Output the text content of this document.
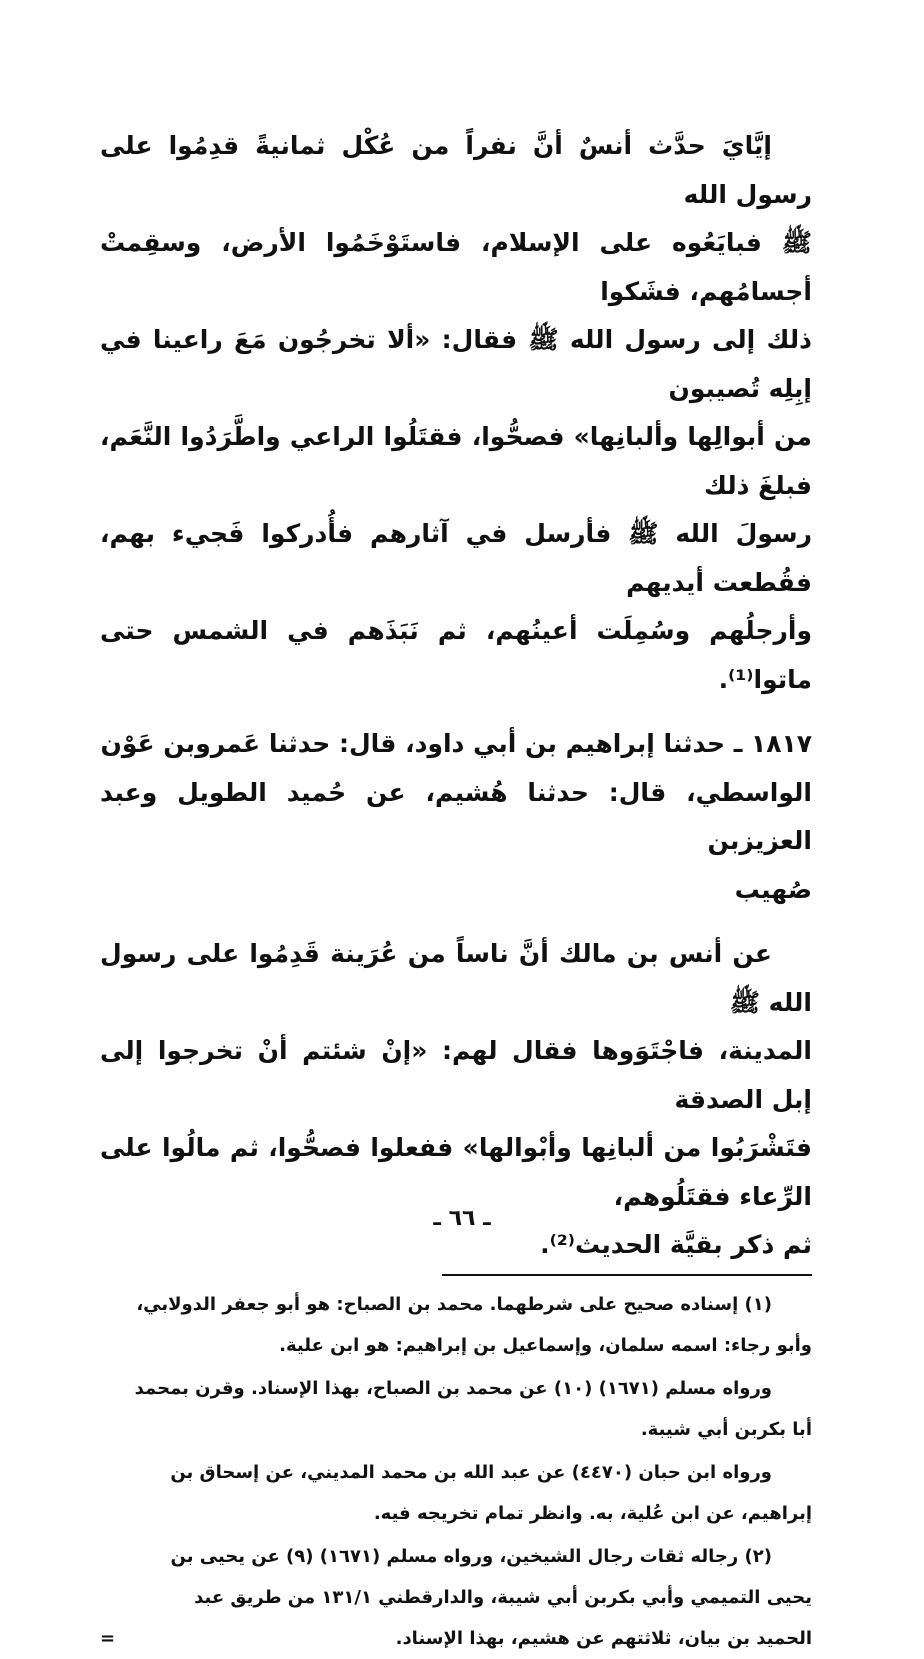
إيَّايَ حدَّث أنسٌ أنَّ نفراً من عُكْل ثمانيةً قدِمُوا على رسول الله

ﷺ فبايَعُوه على الإسلام، فاستَوْخَمُوا الأرض، وسقِمتْ أجسامُهم، فشَكوا

ذلك إلى رسول الله ﷺ فقال: «ألا تخرجُون مَعَ راعينا في إبِلِه تُصيبون

من أبوالِها وألبانِها» فصحُّوا، فقتَلُوا الراعي واطَّرَدُوا النَّعَم، فبلغَ ذلك

رسولَ الله ﷺ فأرسل في آثارهم فأُدركوا فَجيء بهم، فقُطعت أيديهم

وأرجلُهم وسُمِلَت أعينُهم، ثم نَبَذَهم في الشمس حتى ماتوا⁽¹⁾.

١٨١٧ ـ حدثنا إبراهيم بن أبي داود، قال: حدثنا عَمروبن عَوْن

الواسطي، قال: حدثنا هُشيم، عن حُميد الطويل وعبد العزيزبن

صُهيب

عن أنس بن مالك أنَّ ناساً من عُرَينة قَدِمُوا على رسول الله ﷺ

المدينة، فاجْتَوَوها فقال لهم: «إنْ شئتم أنْ تخرجوا إلى إبل الصدقة

فتَشْرَبُوا من ألبانِها وأبْوالها» ففعلوا فصحُّوا، ثم مالُوا على الرِّعاء فقتَلُوهم،

ثم ذكر بقيَّة الحديث⁽²⁾.

(١) إسناده صحيح على شرطهما. محمد بن الصباح: هو أبو جعفر الدولابي،

وأبو رجاء: اسمه سلمان، وإسماعيل بن إبراهيم: هو ابن علية.

ورواه مسلم (١٦٧١) (١٠) عن محمد بن الصباح، بهذا الإسناد. وقرن بمحمد

أبا بكربن أبي شيبة.

ورواه ابن حبان (٤٤٧٠) عن عبد الله بن محمد المديني، عن إسحاق بن

إبراهيم، عن ابن عُلية، به. وانظر تمام تخريجه فيه.

(٢) رجاله ثقات رجال الشيخين، ورواه مسلم (١٦٧١) (٩) عن يحيى بن

يحيى التميمي وأبي بكربن أبي شيبة، والدارقطني ١٣١/١ من طريق عبد

الحميد بن بيان، ثلاثتهم عن هشيم، بهذا الإسناد.
=

ـ ٦٦ ـ
